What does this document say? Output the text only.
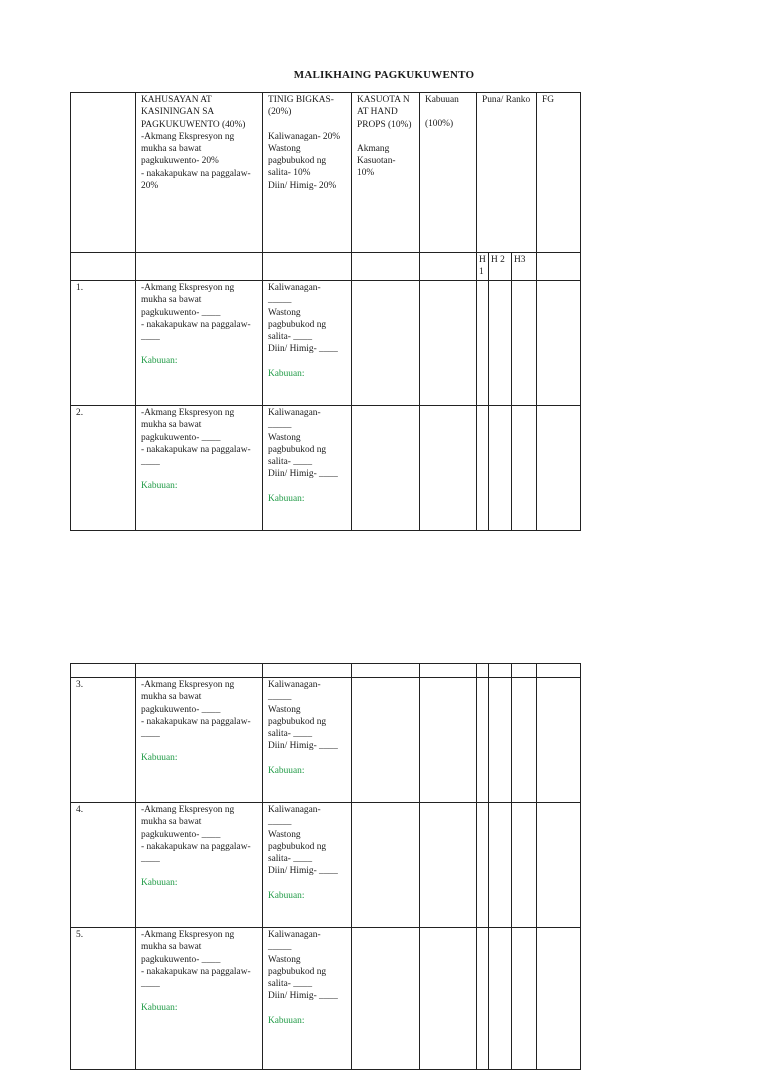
MALIKHAING PAGKUKUWENTO

	KAHUSAYAN AT KASININGAN SA PAGKUKUWENTO (40%)
-Akmang Ekspresyon ng mukha sa bawat pagkukuwento- 20%
- nakakapukaw na paggalaw- 20%	TINIG BIGKAS- (20%)
Kaliwanagan- 20%
Wastong pagbubukod ng salita- 10%
Diin/ Himig- 20%	KASUOTA N AT HAND PROPS (10%)
Akmang Kasuotan- 10%	Kabuuan
(100%)	Puna/ Ranko			FG
					H 1	H 2	H3	
1.	-Akmang Ekspresyon ng mukha sa bawat pagkukuwento- ____
- nakakapukaw na paggalaw- ____
Kabuuan:	Kaliwanagan- _____
Wastong pagbubukod ng salita- ____
Diin/ Himig- ____
Kabuuan:						
2.	-Akmang Ekspresyon ng mukha sa bawat pagkukuwento- ____
- nakakapukaw na paggalaw- ____
Kabuuan:	Kaliwanagan- _____
Wastong pagbubukod ng salita- ____
Diin/ Himig- ____
Kabuuan:						

3.	-Akmang Ekspresyon ng mukha sa bawat pagkukuwento- ____
- nakakapukaw na paggalaw- ____
Kabuuan:	Kaliwanagan- _____
Wastong pagbubukod ng salita- ____
Diin/ Himig- ____
Kabuuan:						
4.	-Akmang Ekspresyon ng mukha sa bawat pagkukuwento- ____
- nakakapukaw na paggalaw- ____
Kabuuan:	Kaliwanagan- _____
Wastong pagbubukod ng salita- ____
Diin/ Himig- ____
Kabuuan:						
5.	-Akmang Ekspresyon ng mukha sa bawat pagkukuwento- ____
- nakakapukaw na paggalaw- ____
Kabuuan:	Kaliwanagan- _____
Wastong pagbubukod ng salita- ____
Diin/ Himig- ____
Kabuuan:						
